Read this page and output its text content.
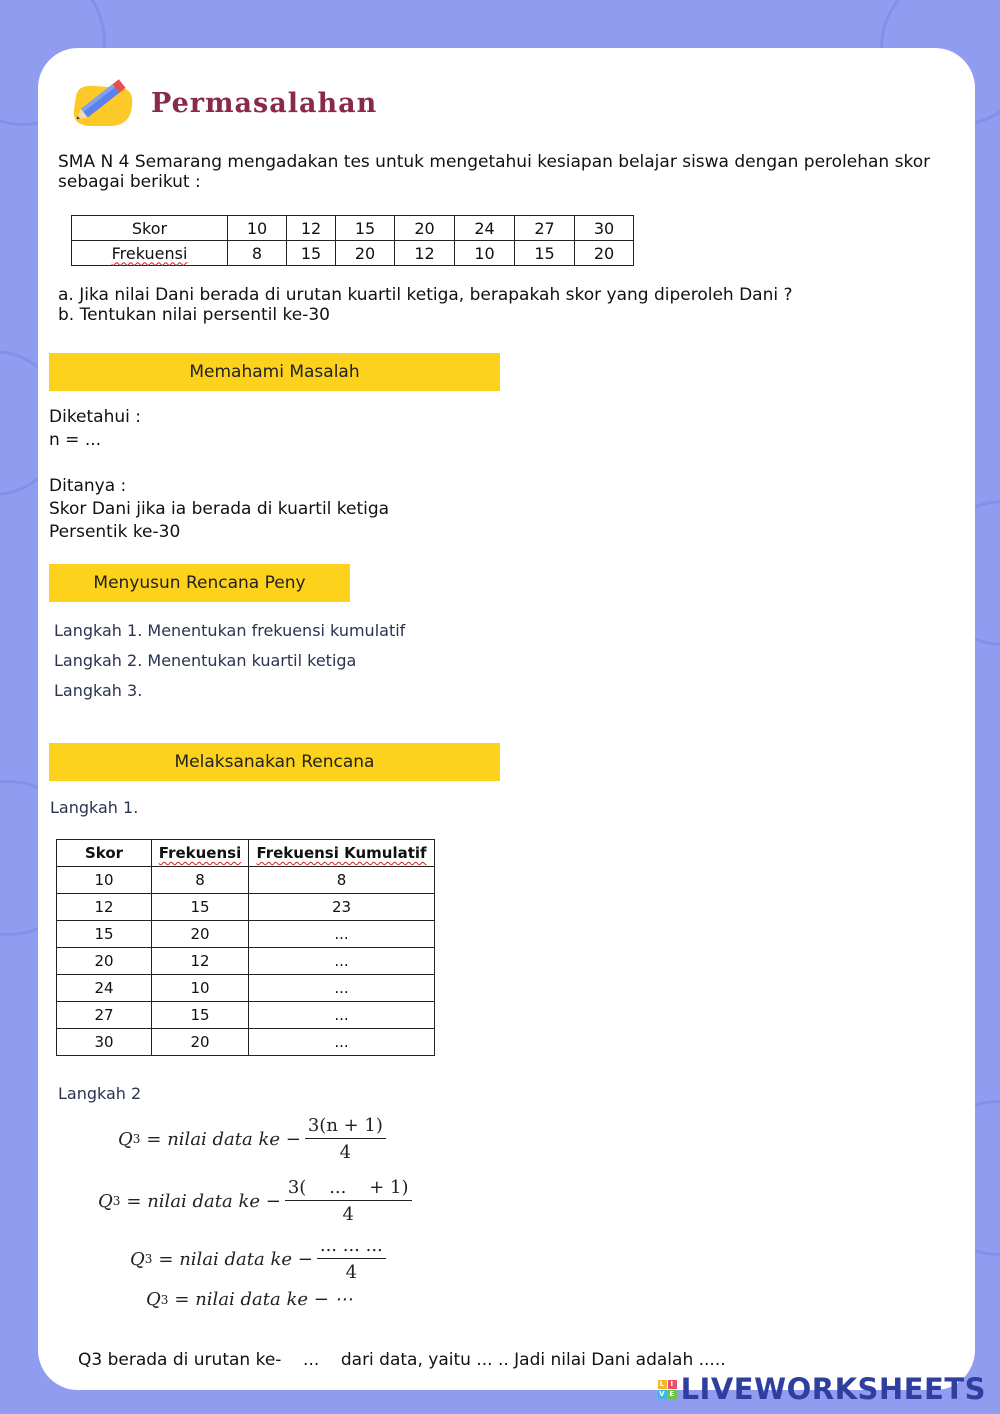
Permasalahan
SMA N 4 Semarang mengadakan tes untuk mengetahui kesiapan belajar siswa dengan perolehan skor
sebagai berikut :
Skor	10	12	15	20	24	27	30
Frekuensi	8	15	20	12	10	15	20
a. Jika nilai Dani berada di urutan kuartil ketiga, berapakah skor yang diperoleh Dani ?
b. Tentukan nilai persentil ke-30
Memahami Masalah
Diketahui :
n = ...
Ditanya :
Skor Dani jika ia berada di kuartil ketiga
Persentik ke-30
Menyusun Rencana Peny
Langkah 1. Menentukan frekuensi kumulatif
Langkah 2. Menentukan kuartil ketiga
Langkah 3.
Melaksanakan Rencana
Langkah 1.
Skor	Frekuensi	Frekuensi Kumulatif
10	8	8
12	15	23
15	20	...
20	12	...
24	10	...
27	15	...
30	20	...
Langkah 2
Q 3 = nilai data ke − $\frac{3(n + 1)}{4}$
Q 3 = nilai data ke − $\frac{3( ... + 1)}{4}$
Q 3 = nilai data ke − $\frac{... ... ...}{4}$
Q 3 = nilai data ke − ⋯
Q3 berada di urutan ke-    ...    dari data, yaitu ... .. Jadi nilai Dani adalah .....
L I
V E LIVEWORKSHEETS
